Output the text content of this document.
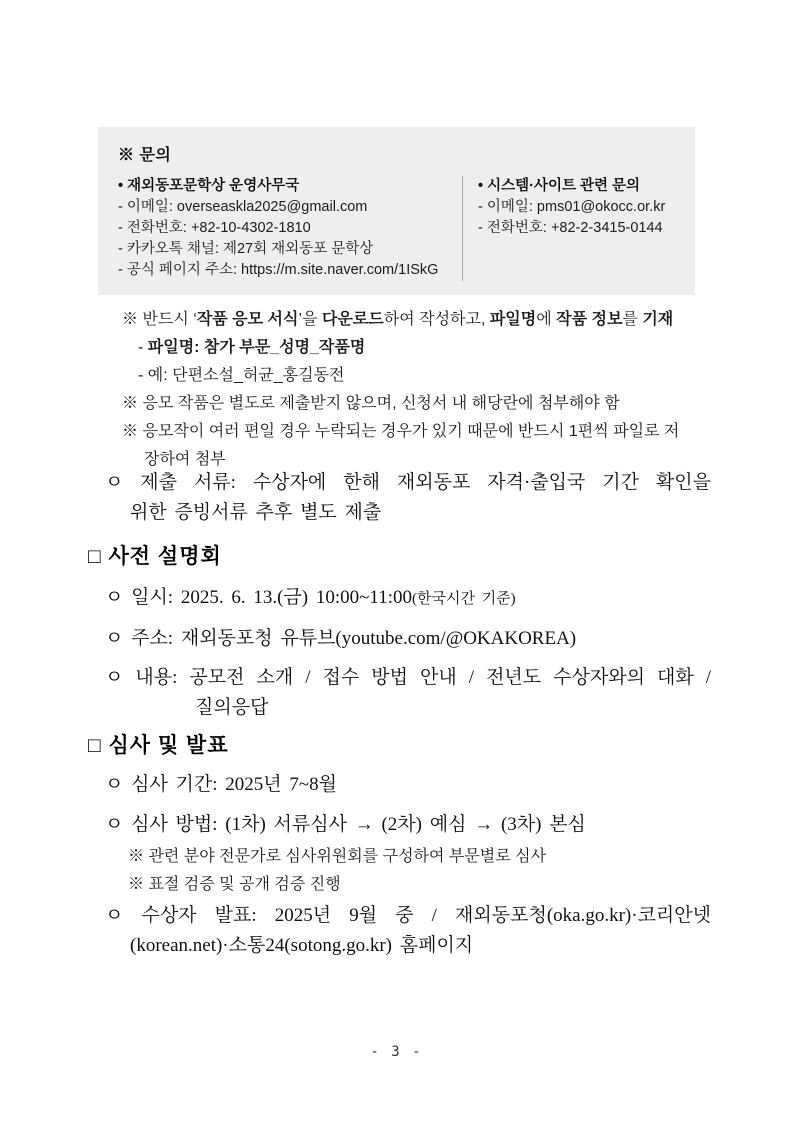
※ 문의
• 재외동포문학상 운영사무국
- 이메일: overseaskla2025@gmail.com
- 전화번호: +82-10-4302-1810
- 카카오톡 채널: 제27회 재외동포 문학상
- 공식 페이지 주소: https://m.site.naver.com/1ISkG
• 시스템·사이트 관련 문의
- 이메일: pms01@okocc.or.kr
- 전화번호: +82-2-3415-0144
※ 반드시 ‘작품 응모 서식’을 다운로드하여 작성하고, 파일명에 작품 정보를 기재
- 파일명: 참가 부문_성명_작품명
- 예: 단편소설_허균_홍길동전
※ 응모 작품은 별도로 제출받지 않으며, 신청서 내 해당란에 첨부해야 함
※ 응모작이 여러 편일 경우 누락되는 경우가 있기 때문에 반드시 1편씩 파일로 저
장하여 첨부
ㅇ 제출 서류: 수상자에 한해 재외동포 자격·출입국 기간 확인을
위한 증빙서류 추후 별도 제출
□ 사전 설명회
ㅇ 일시: 2025. 6. 13.(금) 10:00~11:00(한국시간 기준)
ㅇ 주소: 재외동포청 유튜브(youtube.com/@OKAKOREA)
ㅇ 내용: 공모전 소개 / 접수 방법 안내 / 전년도 수상자와의 대화 /
질의응답
□ 심사 및 발표
ㅇ 심사 기간: 2025년 7~8월
ㅇ 심사 방법: (1차) 서류심사 → (2차) 예심 → (3차) 본심
※ 관련 분야 전문가로 심사위원회를 구성하여 부문별로 심사
※ 표절 검증 및 공개 검증 진행
ㅇ 수상자 발표: 2025년 9월 중 / 재외동포청(oka.go.kr)·코리안넷
(korean.net)·소통24(sotong.go.kr) 홈페이지
- 3 -
